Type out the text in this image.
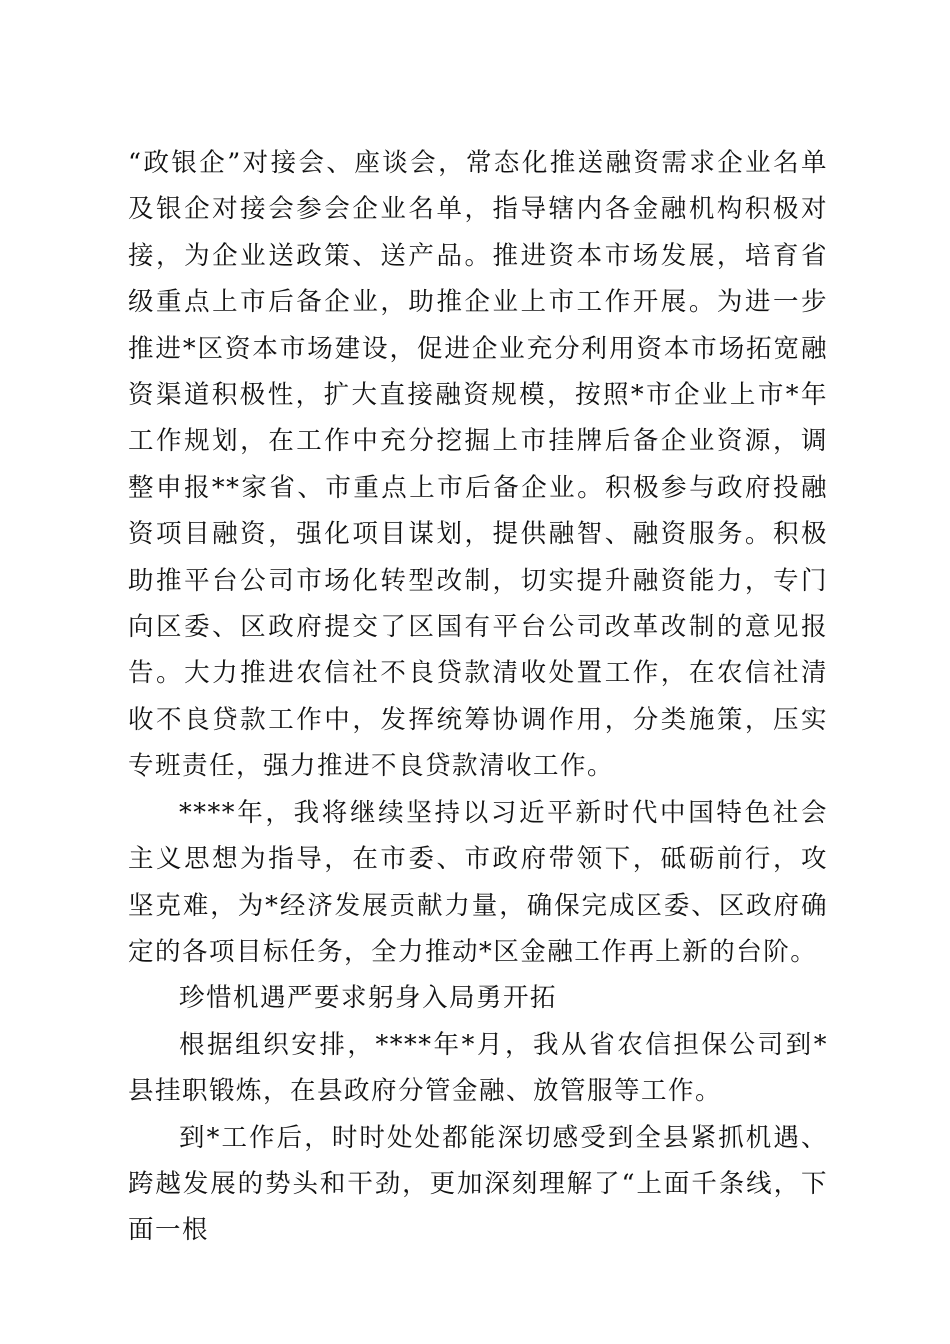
“政银企”对接会、座谈会，常态化推送融资需求企业名单及银企对接会参会企业名单，指导辖内各金融机构积极对接，为企业送政策、送产品。推进资本市场发展，培育省级重点上市后备企业，助推企业上市工作开展。为进一步推进*区资本市场建设，促进企业充分利用资本市场拓宽融资渠道积极性，扩大直接融资规模，按照*市企业上市*年工作规划，在工作中充分挖掘上市挂牌后备企业资源，调整申报**家省、市重点上市后备企业。积极参与政府投融资项目融资，强化项目谋划，提供融智、融资服务。积极助推平台公司市场化转型改制，切实提升融资能力，专门向区委、区政府提交了区国有平台公司改革改制的意见报告。大力推进农信社不良贷款清收处置工作，在农信社清收不良贷款工作中，发挥统筹协调作用，分类施策，压实专班责任，强力推进不良贷款清收工作。

****年，我将继续坚持以习近平新时代中国特色社会主义思想为指导，在市委、市政府带领下，砥砺前行，攻坚克难，为*经济发展贡献力量，确保完成区委、区政府确定的各项目标任务，全力推动*区金融工作再上新的台阶。

珍惜机遇严要求躬身入局勇开拓

根据组织安排，****年*月，我从省农信担保公司到*县挂职锻炼，在县政府分管金融、放管服等工作。

到*工作后，时时处处都能深切感受到全县紧抓机遇、跨越发展的势头和干劲，更加深刻理解了“上面千条线，下面一根
